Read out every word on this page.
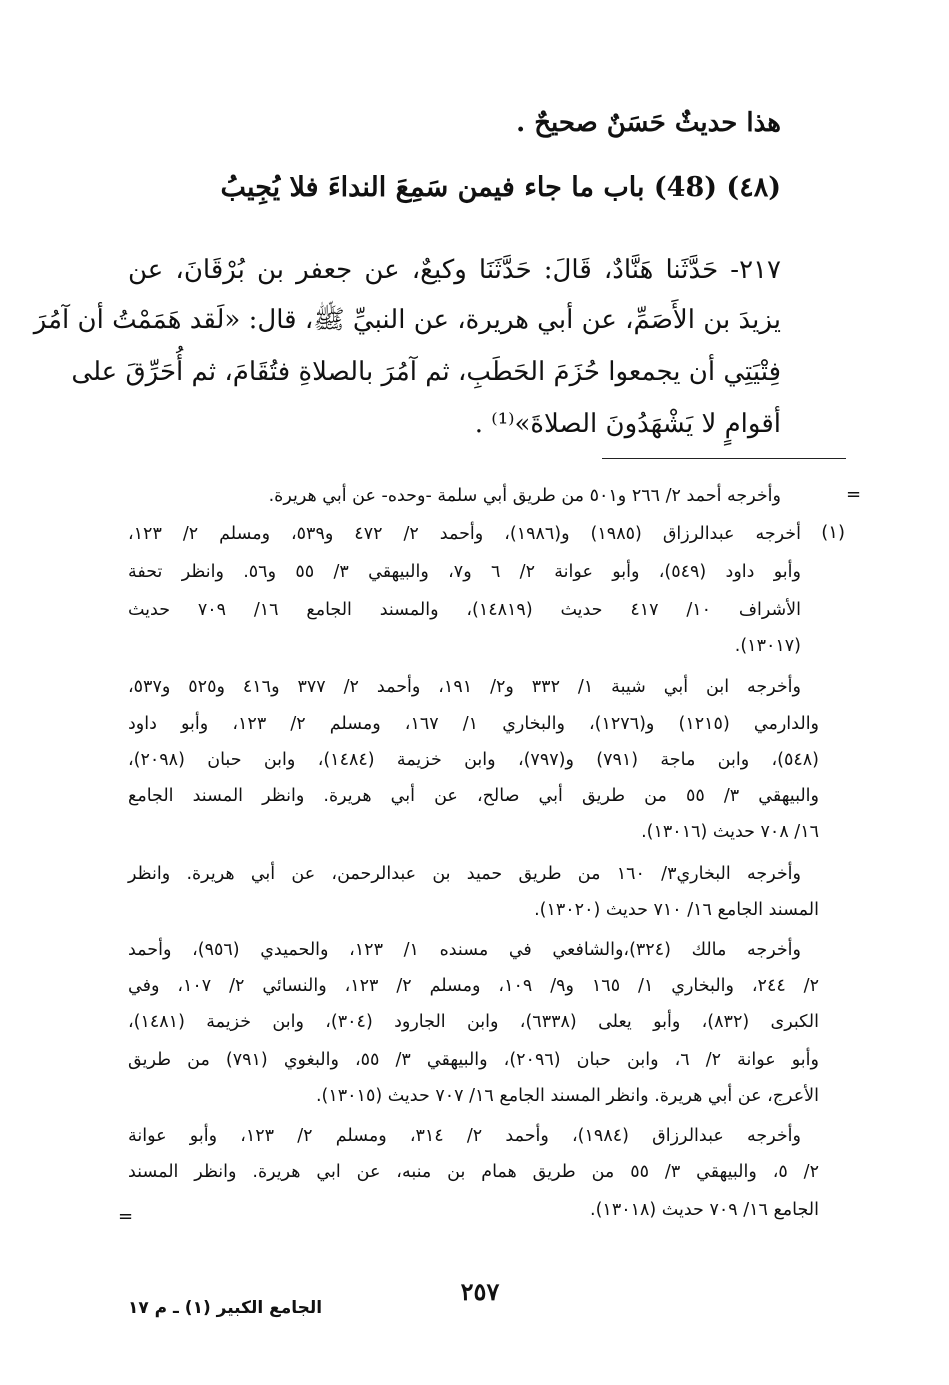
هذا حديثٌ حَسَنٌ صحيحٌ .
(٤٨) (48) باب ما جاء فيمن سَمِعَ النداءَ فلا يُجِيبُ
٢١٧- حَدَّثَنا هَنَّادٌ، قَالَ: حَدَّثَنَا وكيعٌ، عن جعفر بن بُرْقَانَ، عن
يزيدَ بن الأَصَمِّ، عن أبي هريرة، عن النبيِّ ﷺ، قال: «لَقد هَمَمْتُ أن آمُرَ
فِتْيَتِي أن يجمعوا حُزَمَ الحَطَبِ، ثم آمُرَ بالصلاةِ فتُقَامَ، ثم أُحَرِّقَ على
أقوامٍ لا يَشْهَدُونَ الصلاةَ»⁽¹⁾ .
=
(١)
وأخرجه أحمد ٢/ ٢٦٦ و٥٠١ من طريق أبي سلمة -وحده- عن أبي هريرة.
أخرجه عبدالرزاق (١٩٨٥) و(١٩٨٦)، وأحمد ٢/ ٤٧٢ و٥٣٩، ومسلم ٢/ ١٢٣،
وأبو داود (٥٤٩)، وأبو عوانة ٢/ ٦ و٧، والبيهقي ٣/ ٥٥ و٥٦. وانظر تحفة
الأشراف ١٠/ ٤١٧ حديث (١٤٨١٩)، والمسند الجامع ١٦/ ٧٠٩ حديث
(١٣٠١٧).
وأخرجه ابن أبي شيبة ١/ ٣٣٢ و٢/ ١٩١، وأحمد ٢/ ٣٧٧ و٤١٦ و٥٢٥ و٥٣٧،
والدارمي (١٢١٥) و(١٢٧٦)، والبخاري ١/ ١٦٧، ومسلم ٢/ ١٢٣، وأبو داود
(٥٤٨)، وابن ماجة (٧٩١) و(٧٩٧)، وابن خزيمة (١٤٨٤)، وابن حبان (٢٠٩٨)،
والبيهقي ٣/ ٥٥ من طريق أبي صالح، عن أبي هريرة. وانظر المسند الجامع
١٦/ ٧٠٨ حديث (١٣٠١٦).
وأخرجه البخاري٣/ ١٦٠ من طريق حميد بن عبدالرحمن، عن أبي هريرة. وانظر
المسند الجامع ١٦/ ٧١٠ حديث (١٣٠٢٠).
وأخرجه مالك (٣٢٤)،والشافعي في مسنده ١/ ١٢٣، والحميدي (٩٥٦)، وأحمد
٢/ ٢٤٤، والبخاري ١/ ١٦٥ و٩/ ١٠٩، ومسلم ٢/ ١٢٣، والنسائي ٢/ ١٠٧، وفي
الكبرى (٨٣٢)، وأبو يعلى (٦٣٣٨)، وابن الجارود (٣٠٤)، وابن خزيمة (١٤٨١)،
وأبو عوانة ٢/ ٦، وابن حبان (٢٠٩٦)، والبيهقي ٣/ ٥٥، والبغوي (٧٩١) من طريق
الأعرج، عن أبي هريرة. وانظر المسند الجامع ١٦/ ٧٠٧ حديث (١٣٠١٥).
وأخرجه عبدالرزاق (١٩٨٤)، وأحمد ٢/ ٣١٤، ومسلم ٢/ ١٢٣، وأبو عوانة
٢/ ٥، والبيهقي ٣/ ٥٥ من طريق همام بن منبه، عن ابي هريرة. وانظر المسند
الجامع ١٦/ ٧٠٩ حديث (١٣٠١٨).
=
٢٥٧
الجامع الكبير (١) ـ م ١٧
